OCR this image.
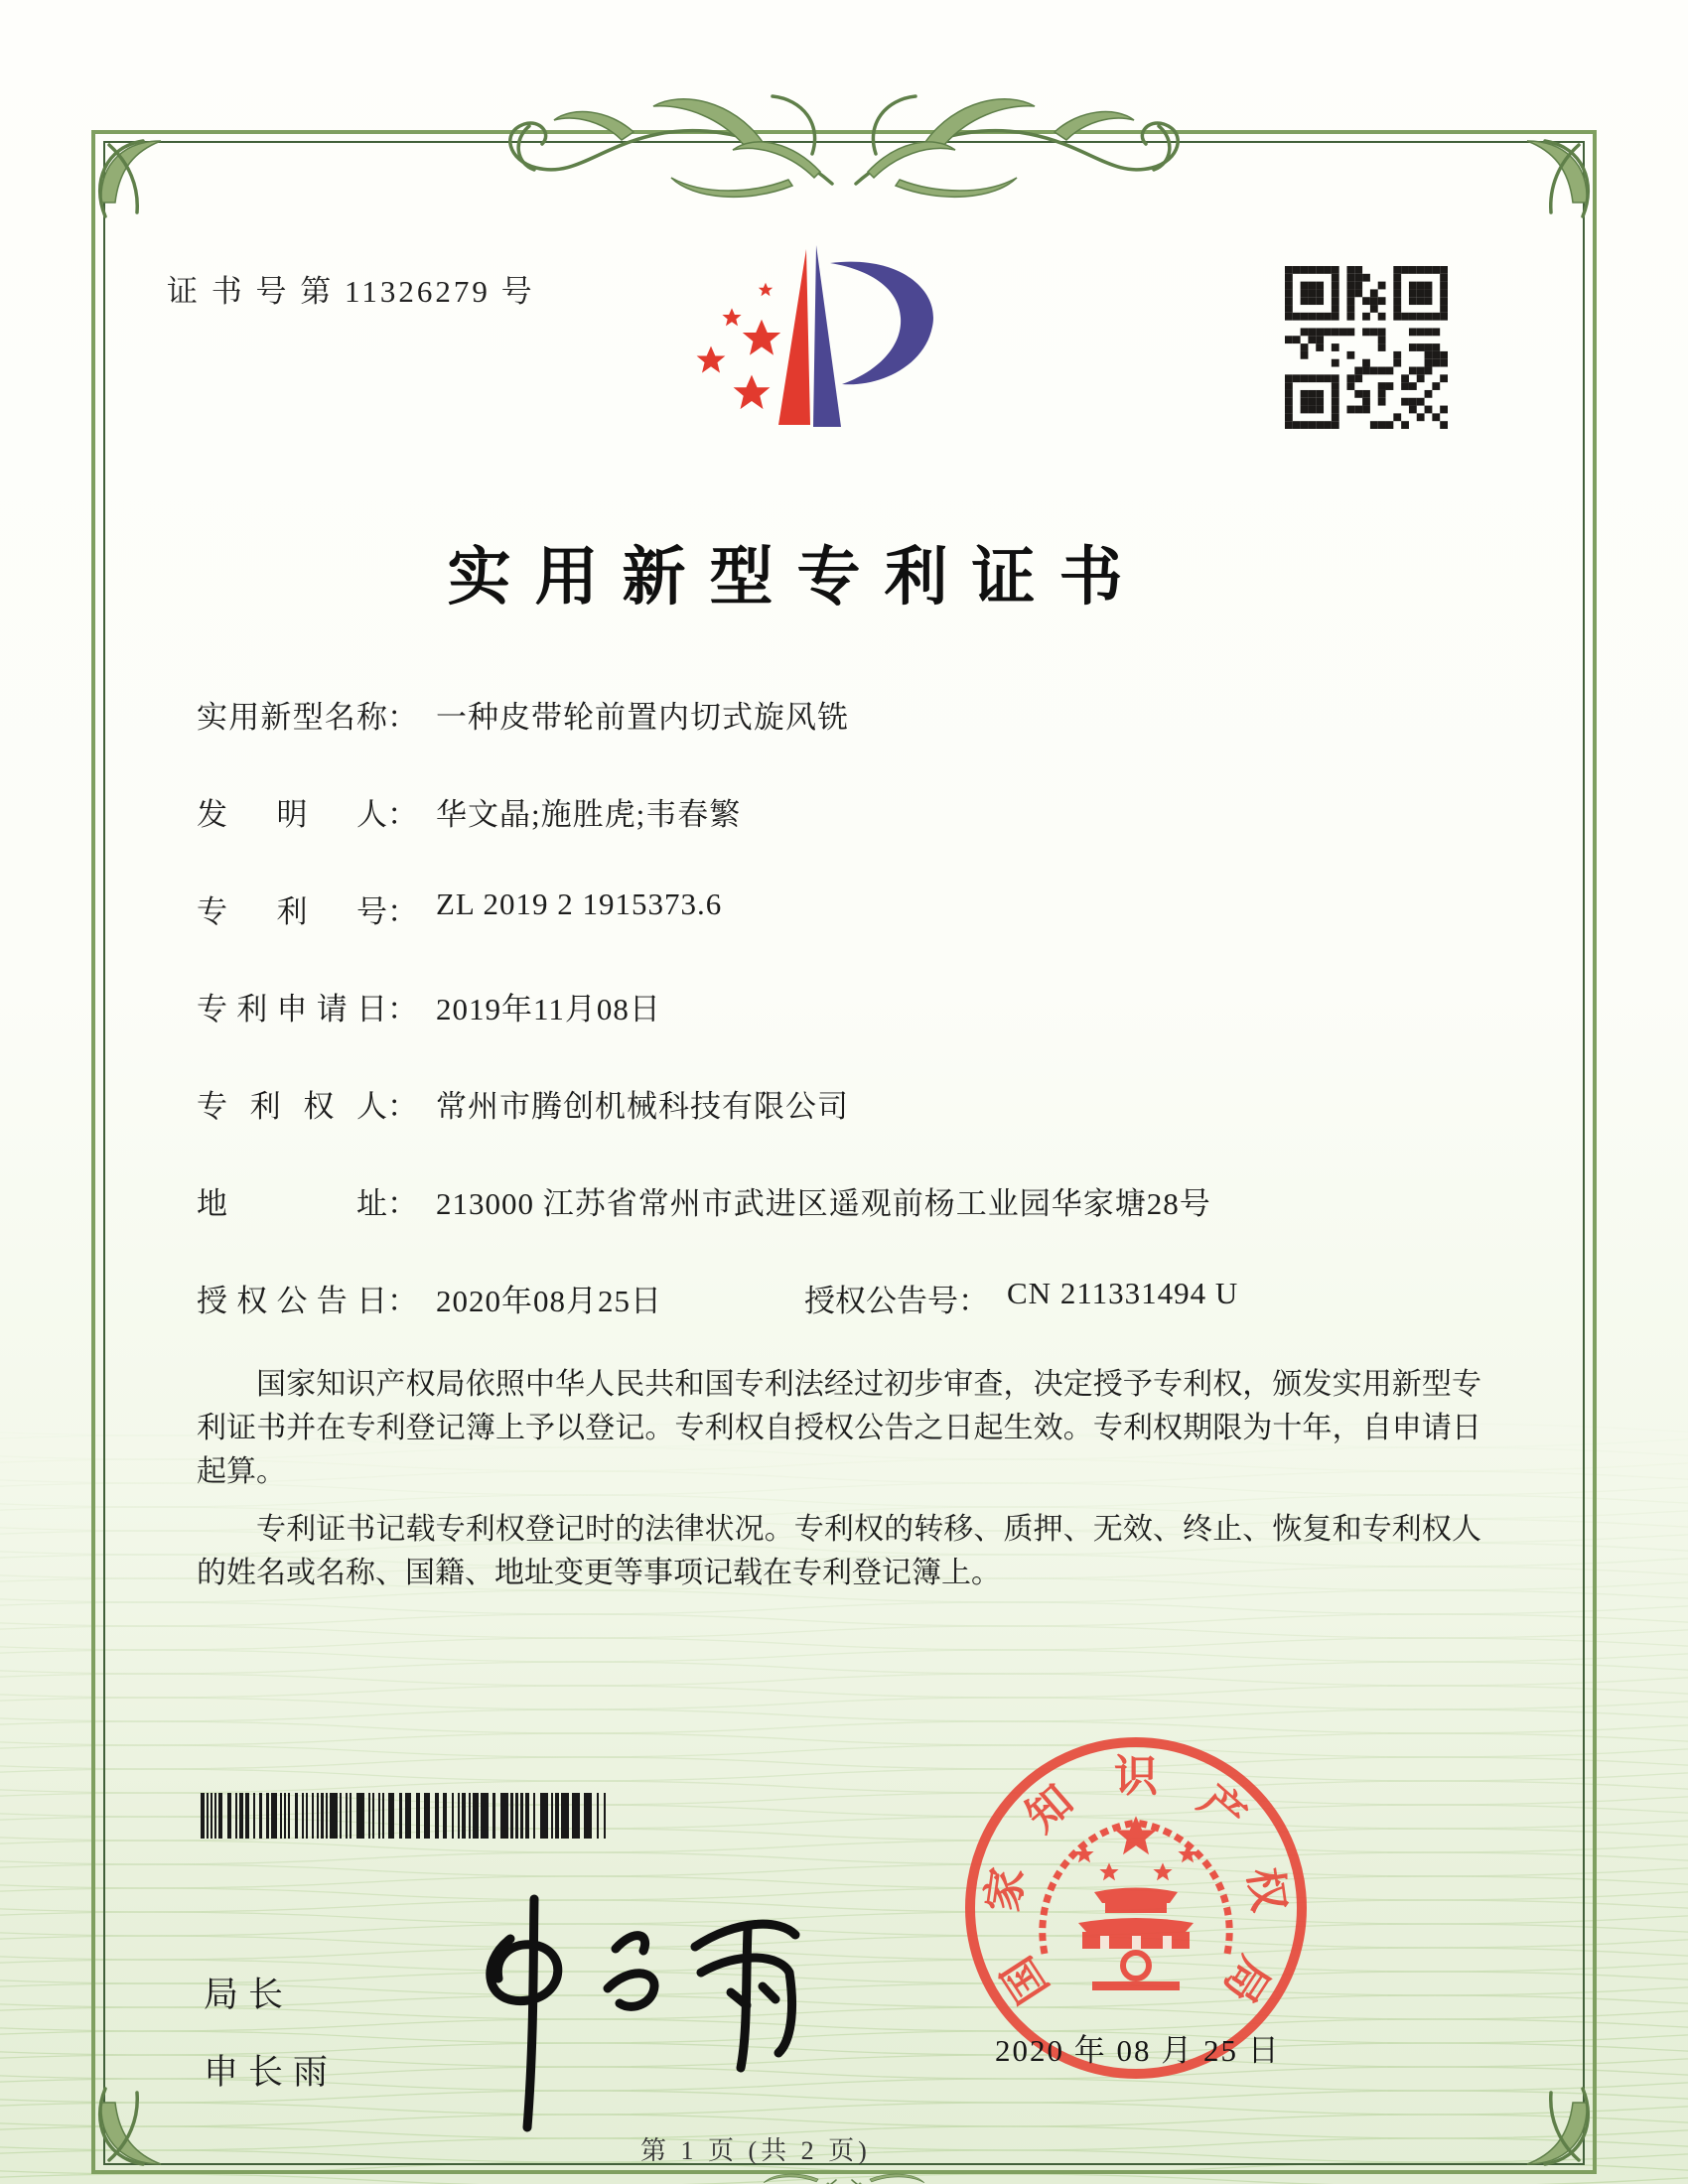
证 书 号 第 11326279 号
实用新型专利证书
实用新型名称： 一种皮带轮前置内切式旋风铣
发明人： 华文晶;施胜虎;韦春繁
专利号： ZL 2019 2 1915373.6
专利申请日： 2019年11月08日
专利权人： 常州市腾创机械科技有限公司
地址： 213000 江苏省常州市武进区遥观前杨工业园华家塘28号
授权公告日： 2020年08月25日	授权公告号： CN 211331494 U

国家知识产权局依照中华人民共和国专利法经过初步审查，决定授予专利权，颁发实用新型专利证书并在专利登记簿上予以登记。专利权自授权公告之日起生效。专利权期限为十年，自申请日起算。

专利证书记载专利权登记时的法律状况。专利权的转移、质押、无效、终止、恢复和专利权人的姓名或名称、国籍、地址变更等事项记载在专利登记簿上。

局长
申长雨
国
家
知 识 产
权
局
2020 年 08 月 25 日
第 1 页 (共 2 页)
